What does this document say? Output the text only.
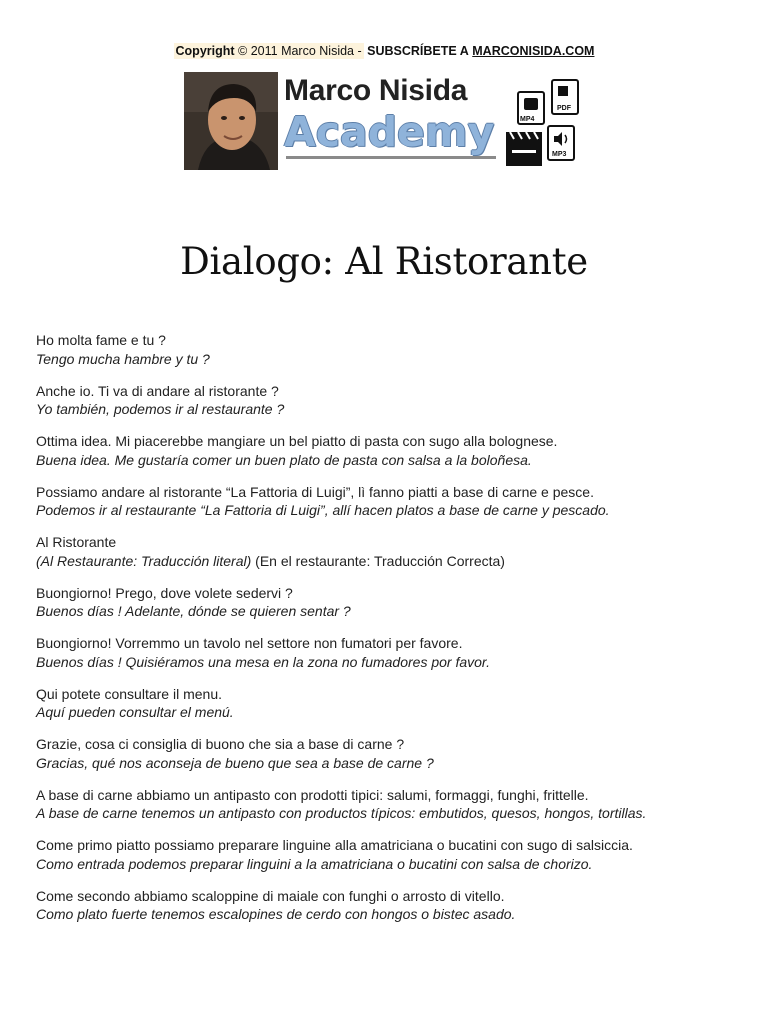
Copyright © 2011 Marco Nisida - SUBSCRÍBETE A MARCONISIDA.COM
Marco Nisida
Academy	MP4
PDF
MP3
Dialogo: Al Ristorante
Ho molta fame e tu ?
Tengo mucha hambre y tu ?
Anche io. Ti va di andare al ristorante ?
Yo también, podemos ir al restaurante ?
Ottima idea. Mi piacerebbe mangiare un bel piatto di pasta con sugo alla bolognese.
Buena idea. Me gustaría comer un buen plato de pasta con salsa a la boloñesa.
Possiamo andare al ristorante “La Fattoria di Luigi”, lì fanno piatti a base di carne e pesce.
Podemos ir al restaurante “La Fattoria di Luigi”, allí hacen platos a base de carne y pescado.
Al Ristorante
(Al Restaurante: Traducción literal) (En el restaurante: Traducción Correcta)
Buongiorno! Prego, dove volete sedervi ?
Buenos días ! Adelante, dónde se quieren sentar ?
Buongiorno! Vorremmo un tavolo nel settore non fumatori per favore.
Buenos días ! Quisiéramos una mesa en la zona no fumadores por favor.
Qui potete consultare il menu.
Aquí pueden consultar el menú.
Grazie, cosa ci consiglia di buono che sia a base di carne ?
Gracias, qué nos aconseja de bueno que sea a base de carne ?
A base di carne abbiamo un antipasto con prodotti tipici: salumi, formaggi, funghi, frittelle.
A base de carne tenemos un antipasto con productos típicos: embutidos, quesos, hongos, tortillas.
Come primo piatto possiamo preparare linguine alla amatriciana o bucatini con sugo di salsiccia.
Como entrada podemos preparar linguini a la amatriciana o bucatini con salsa de chorizo.
Come secondo abbiamo scaloppine di maiale con funghi o arrosto di vitello.
Como plato fuerte tenemos escalopines de cerdo con hongos o bistec asado.
